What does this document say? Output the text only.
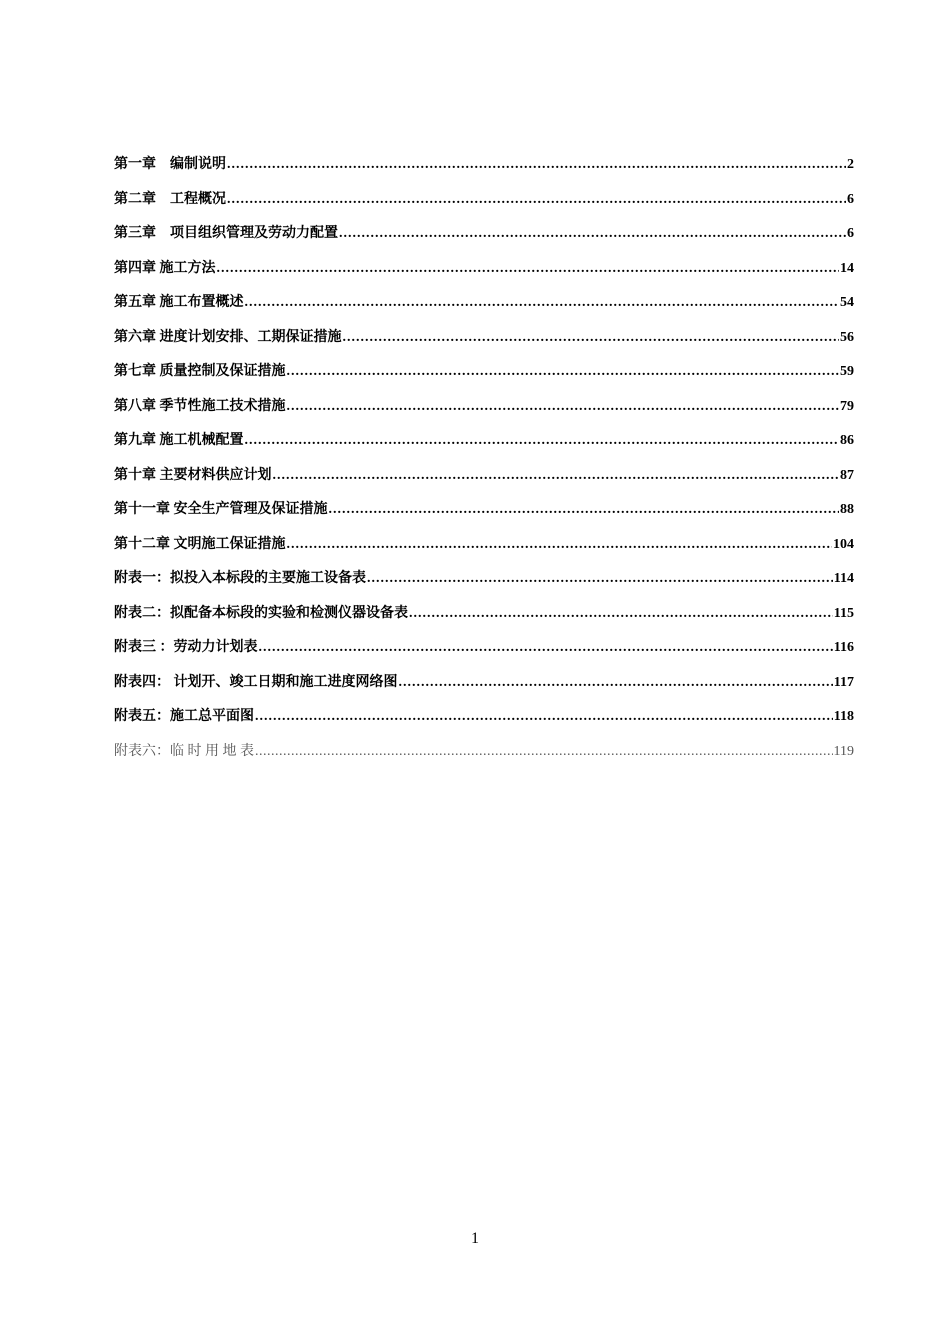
第一章　编制说明 .....	2
第二章　工程概况 .....	6
第三章　项目组织管理及劳动力配置 .....	6
第四章 施工方法 .....	14
第五章 施工布置概述 .....	54
第六章 进度计划安排、工期保证措施 .....	56
第七章 质量控制及保证措施 .....	59
第八章 季节性施工技术措施 .....	79
第九章 施工机械配置 .....	86
第十章 主要材料供应计划 .....	87
第十一章 安全生产管理及保证措施 .....	88
第十二章 文明施工保证措施 .....	104
附表一：拟投入本标段的主要施工设备表 .....	114
附表二：拟配备本标段的实验和检测仪器设备表 .....	115
附表三 ：劳动力计划表 .....	116
附表四： 计划开、竣工日期和施工进度网络图 .....	117
附表五：施工总平面图 .....	118
附表六：临 时 用 地 表 .....	119
1
